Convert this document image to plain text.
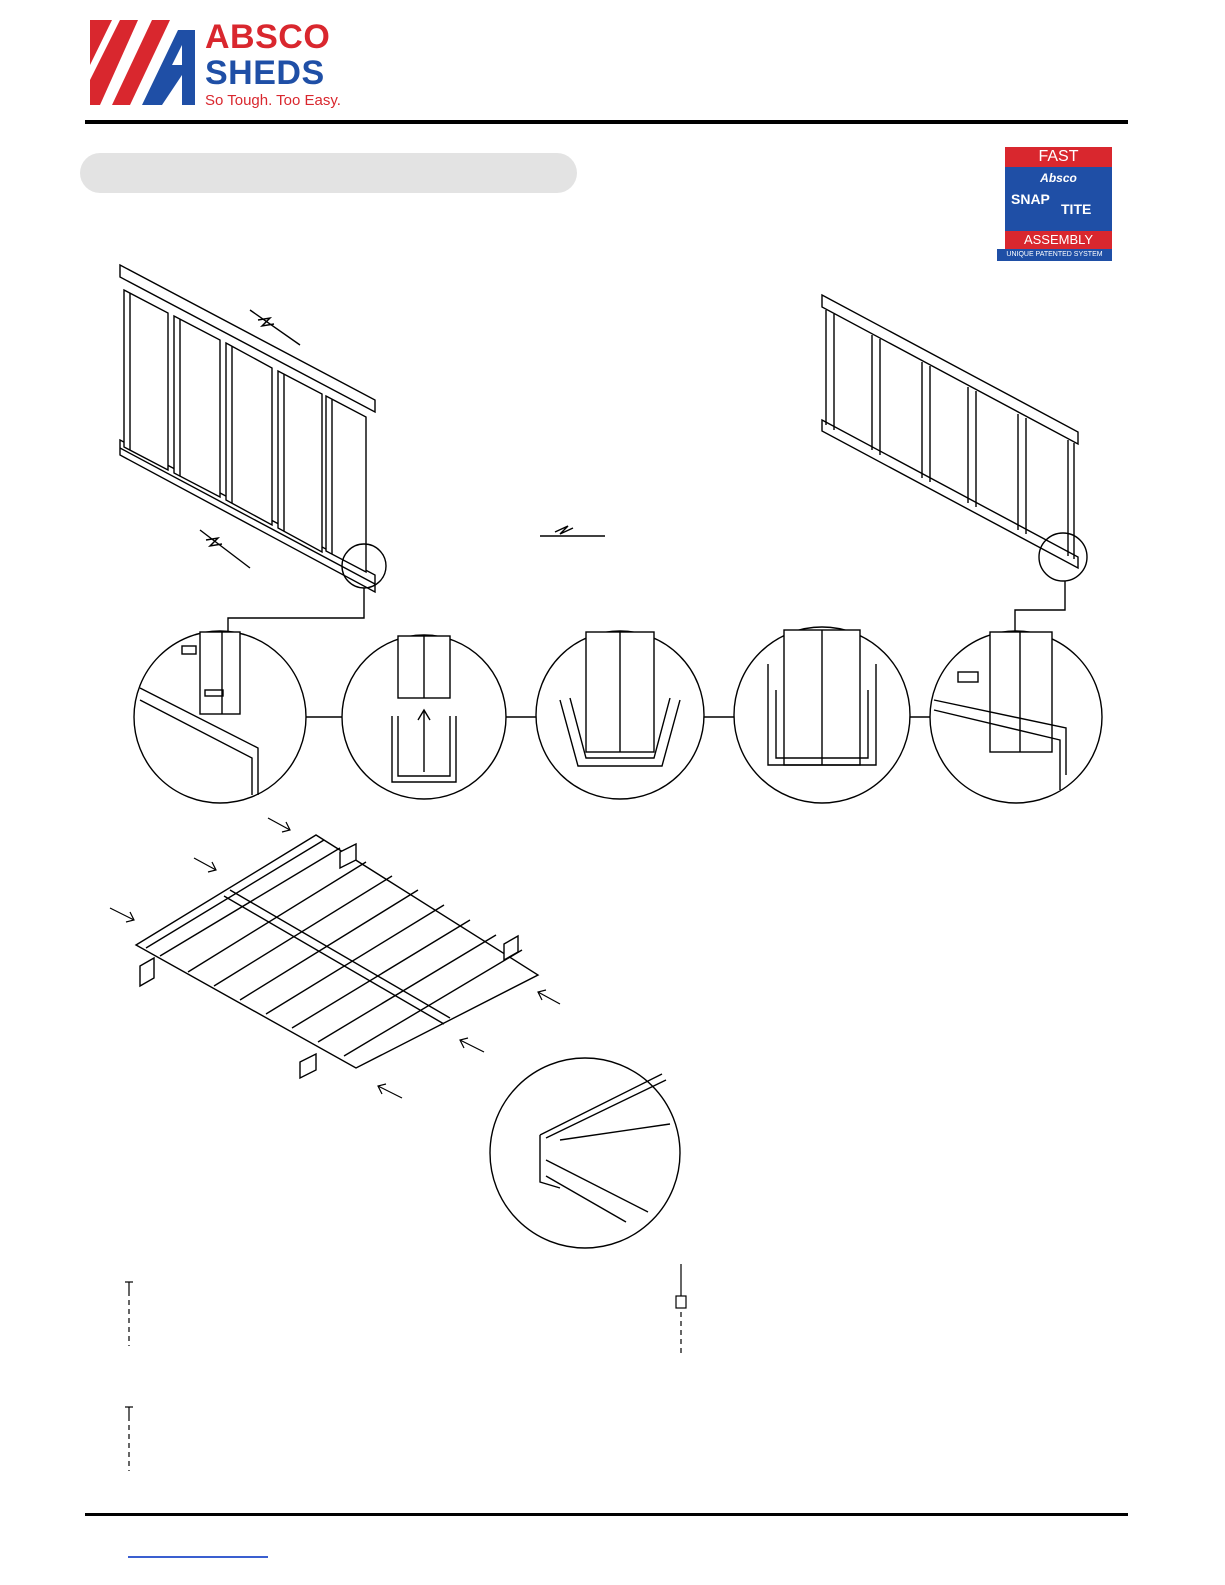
ABSCO
SHEDS
So Tough. Too Easy.
FAST
Absco
SNAP
TITE
ASSEMBLY
UNIQUE PATENTED SYSTEM
